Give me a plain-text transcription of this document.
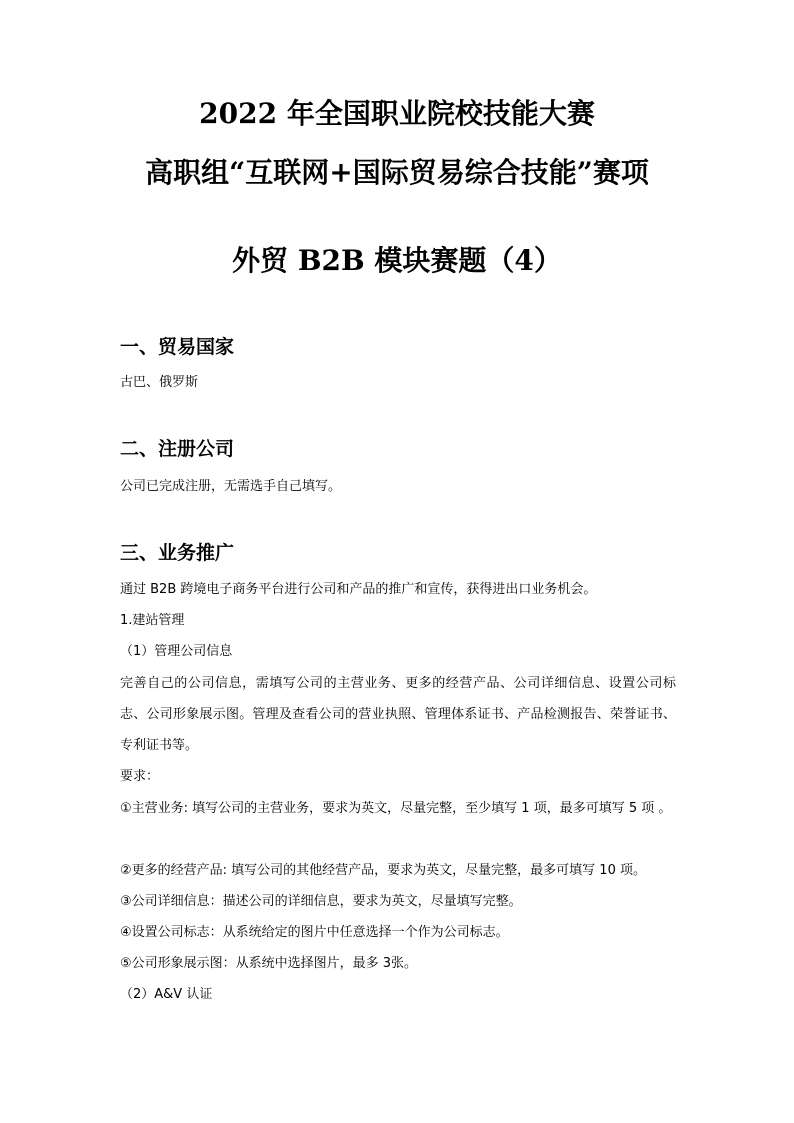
2022 年全国职业院校技能大赛
高职组“互联网+国际贸易综合技能”赛项
外贸 B2B 模块赛题（4）
一、贸易国家
古巴、俄罗斯
二、注册公司
公司已完成注册，无需选手自己填写。
三、业务推广
通过 B2B 跨境电子商务平台进行公司和产品的推广和宣传，获得进出口业务机会。
1.建站管理
（1）管理公司信息
完善自己的公司信息，需填写公司的主营业务、更多的经营产品、公司详细信息、设置公司标志、公司形象展示图。管理及查看公司的营业执照、管理体系证书、产品检测报告、荣誉证书、专利证书等。
要求：
①主营业务: 填写公司的主营业务，要求为英文，尽量完整，至少填写 1 项，最多可填写 5 项 。
②更多的经营产品: 填写公司的其他经营产品，要求为英文，尽量完整，最多可填写 10 项。
③公司详细信息：描述公司的详细信息，要求为英文，尽量填写完整。
④设置公司标志：从系统给定的图片中任意选择一个作为公司标志。
⑤公司形象展示图：从系统中选择图片，最多 3张。
（2）A&V 认证
